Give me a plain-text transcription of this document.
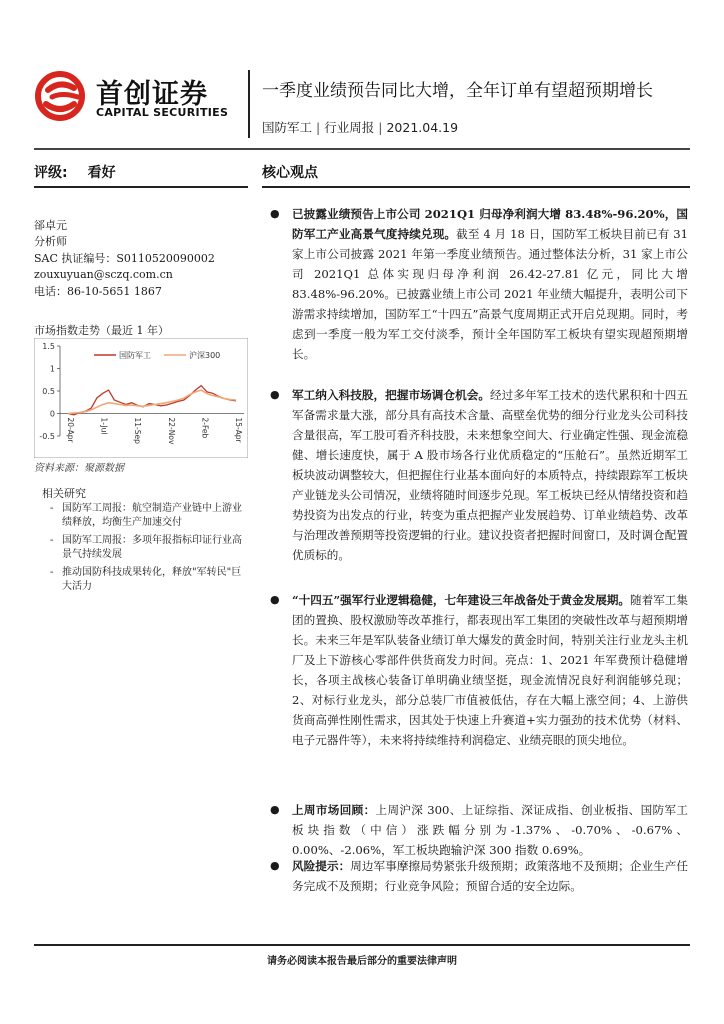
首创证券
CAPITAL SECURITIES
一季度业绩预告同比大增，全年订单有望超预期增长
国防军工 | 行业周报 | 2021.04.19
评级: 看好	核心观点
郤卓元
分析师
SAC 执证编号：S0110520090002
zouxuyuan@sczq.com.cn
电话：86-10-5651 1867
市场指数走势（最近 1 年）
1.5
1
0.5
0
-0.5 20-Apr	1-Jul	11-Sep	22-Nov	2-Feb	15-Apr
国防军工	沪深300
资料来源：聚源数据
相关研究
- 国防军工周报：航空制造产业链中上游业绩释放，均衡生产加速交付
- 国防军工周报：多项年报指标印证行业高景气持续发展
- 推动国防科技成果转化，释放"军转民"巨大活力
● 已披露业绩预告上市公司 2021Q1 归母净利润大增 83.48%-96.20%，国防军工产业高景气度持续兑现。截至 4 月 18 日，国防军工板块目前已有 31 家上市公司披露 2021 年第一季度业绩预告。通过整体法分析，31 家上市公司 2021Q1 总体实现归母净利润 26.42-27.81 亿元，同比大增 83.48%-96.20%。已披露业绩上市公司 2021 年业绩大幅提升，表明公司下游需求持续增加，国防军工“十四五”高景气度周期正式开启兑现期。同时，考虑到一季度一般为军工交付淡季，预计全年国防军工板块有望实现超预期增长。
● 军工纳入科技股，把握市场调仓机会。经过多年军工技术的迭代累积和十四五军备需求量大涨，部分具有高技术含量、高壁垒优势的细分行业龙头公司科技含量很高，军工股可看齐科技股，未来想象空间大、行业确定性强、现金流稳健、增长速度快，属于 A 股市场各行业优质稳定的“压舱石”。虽然近期军工板块波动调整较大，但把握住行业基本面向好的本质特点，持续跟踪军工板块产业链龙头公司情况，业绩将随时间逐步兑现。军工板块已经从情绪投资和趋势投资为出发点的行业，转变为重点把握产业发展趋势、订单业绩趋势、改革与治理改善预期等投资逻辑的行业。建议投资者把握时间窗口，及时调仓配置优质标的。
● “十四五”强军行业逻辑稳健，七年建设三年战备处于黄金发展期。随着军工集团的置换、股权激励等改革推行，都表现出军工集团的突破性改革与超预期增长。未来三年是军队装备业绩订单大爆发的黄金时间，特别关注行业龙头主机厂及上下游核心零部件供货商发力时间。亮点：1、2021 年军费预计稳健增长，各项主战核心装备订单明确业绩坚挺，现金流情况良好利润能够兑现；2、对标行业龙头，部分总装厂市值被低估，存在大幅上涨空间；4、上游供货商高弹性刚性需求，因其处于快速上升赛道+实力强劲的技术优势（材料、电子元器件等），未来将持续维持利润稳定、业绩亮眼的顶尖地位。
● 上周市场回顾：上周沪深 300、上证综指、深证成指、创业板指、国防军工板块指数（中信）涨跌幅分别为-1.37%、-0.70%、-0.67%、0.00%、-2.06%，军工板块跑输沪深 300 指数 0.69%。
● 风险提示：周边军事摩擦局势紧张升级预期；政策落地不及预期；企业生产任务完成不及预期；行业竞争风险；预留合适的安全边际。
请务必阅读本报告最后部分的重要法律声明
